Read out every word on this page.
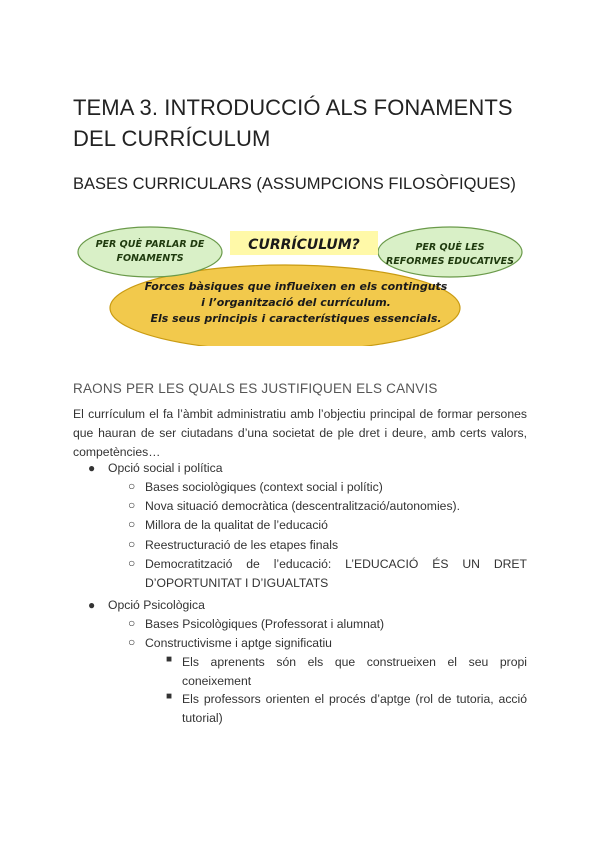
TEMA 3. INTRODUCCIÓ ALS FONAMENTS DEL CURRÍCULUM
BASES CURRICULARS (ASSUMPCIONS FILOSÒFIQUES)
PER QUÈ PARLAR DE
FONAMENTS
CURRÍCULUM?	PER QUÈ LES
REFORMES EDUCATIVES
Forces bàsiques que influeixen en els continguts
i l’organització del currículum.
Els seus principis i característiques essencials.
RAONS PER LES QUALS ES JUSTIFIQUEN ELS CANVIS

El currículum el fa l’àmbit administratiu amb l’objectiu principal de formar persones que hauran de ser ciutadans d’una societat de ple dret i deure, amb certs valors, competències…

● Opció social i política
○ Bases sociològiques (context social i polític)
○ Nova situació democràtica (descentralització/autonomies).
○ Millora de la qualitat de l’educació
○ Reestructuració de les etapes finals
○ Democratització de l’educació: L’EDUCACIÓ ÉS UN DRET D’OPORTUNITAT I D’IGUALTATS
● Opció Psicològica
○ Bases Psicològiques (Professorat i alumnat)
○ Constructivisme i aptge significatiu
■ Els aprenents són els que construeixen el seu propi coneixement
■ Els professors orienten el procés d’aptge (rol de tutoria, acció tutorial)
